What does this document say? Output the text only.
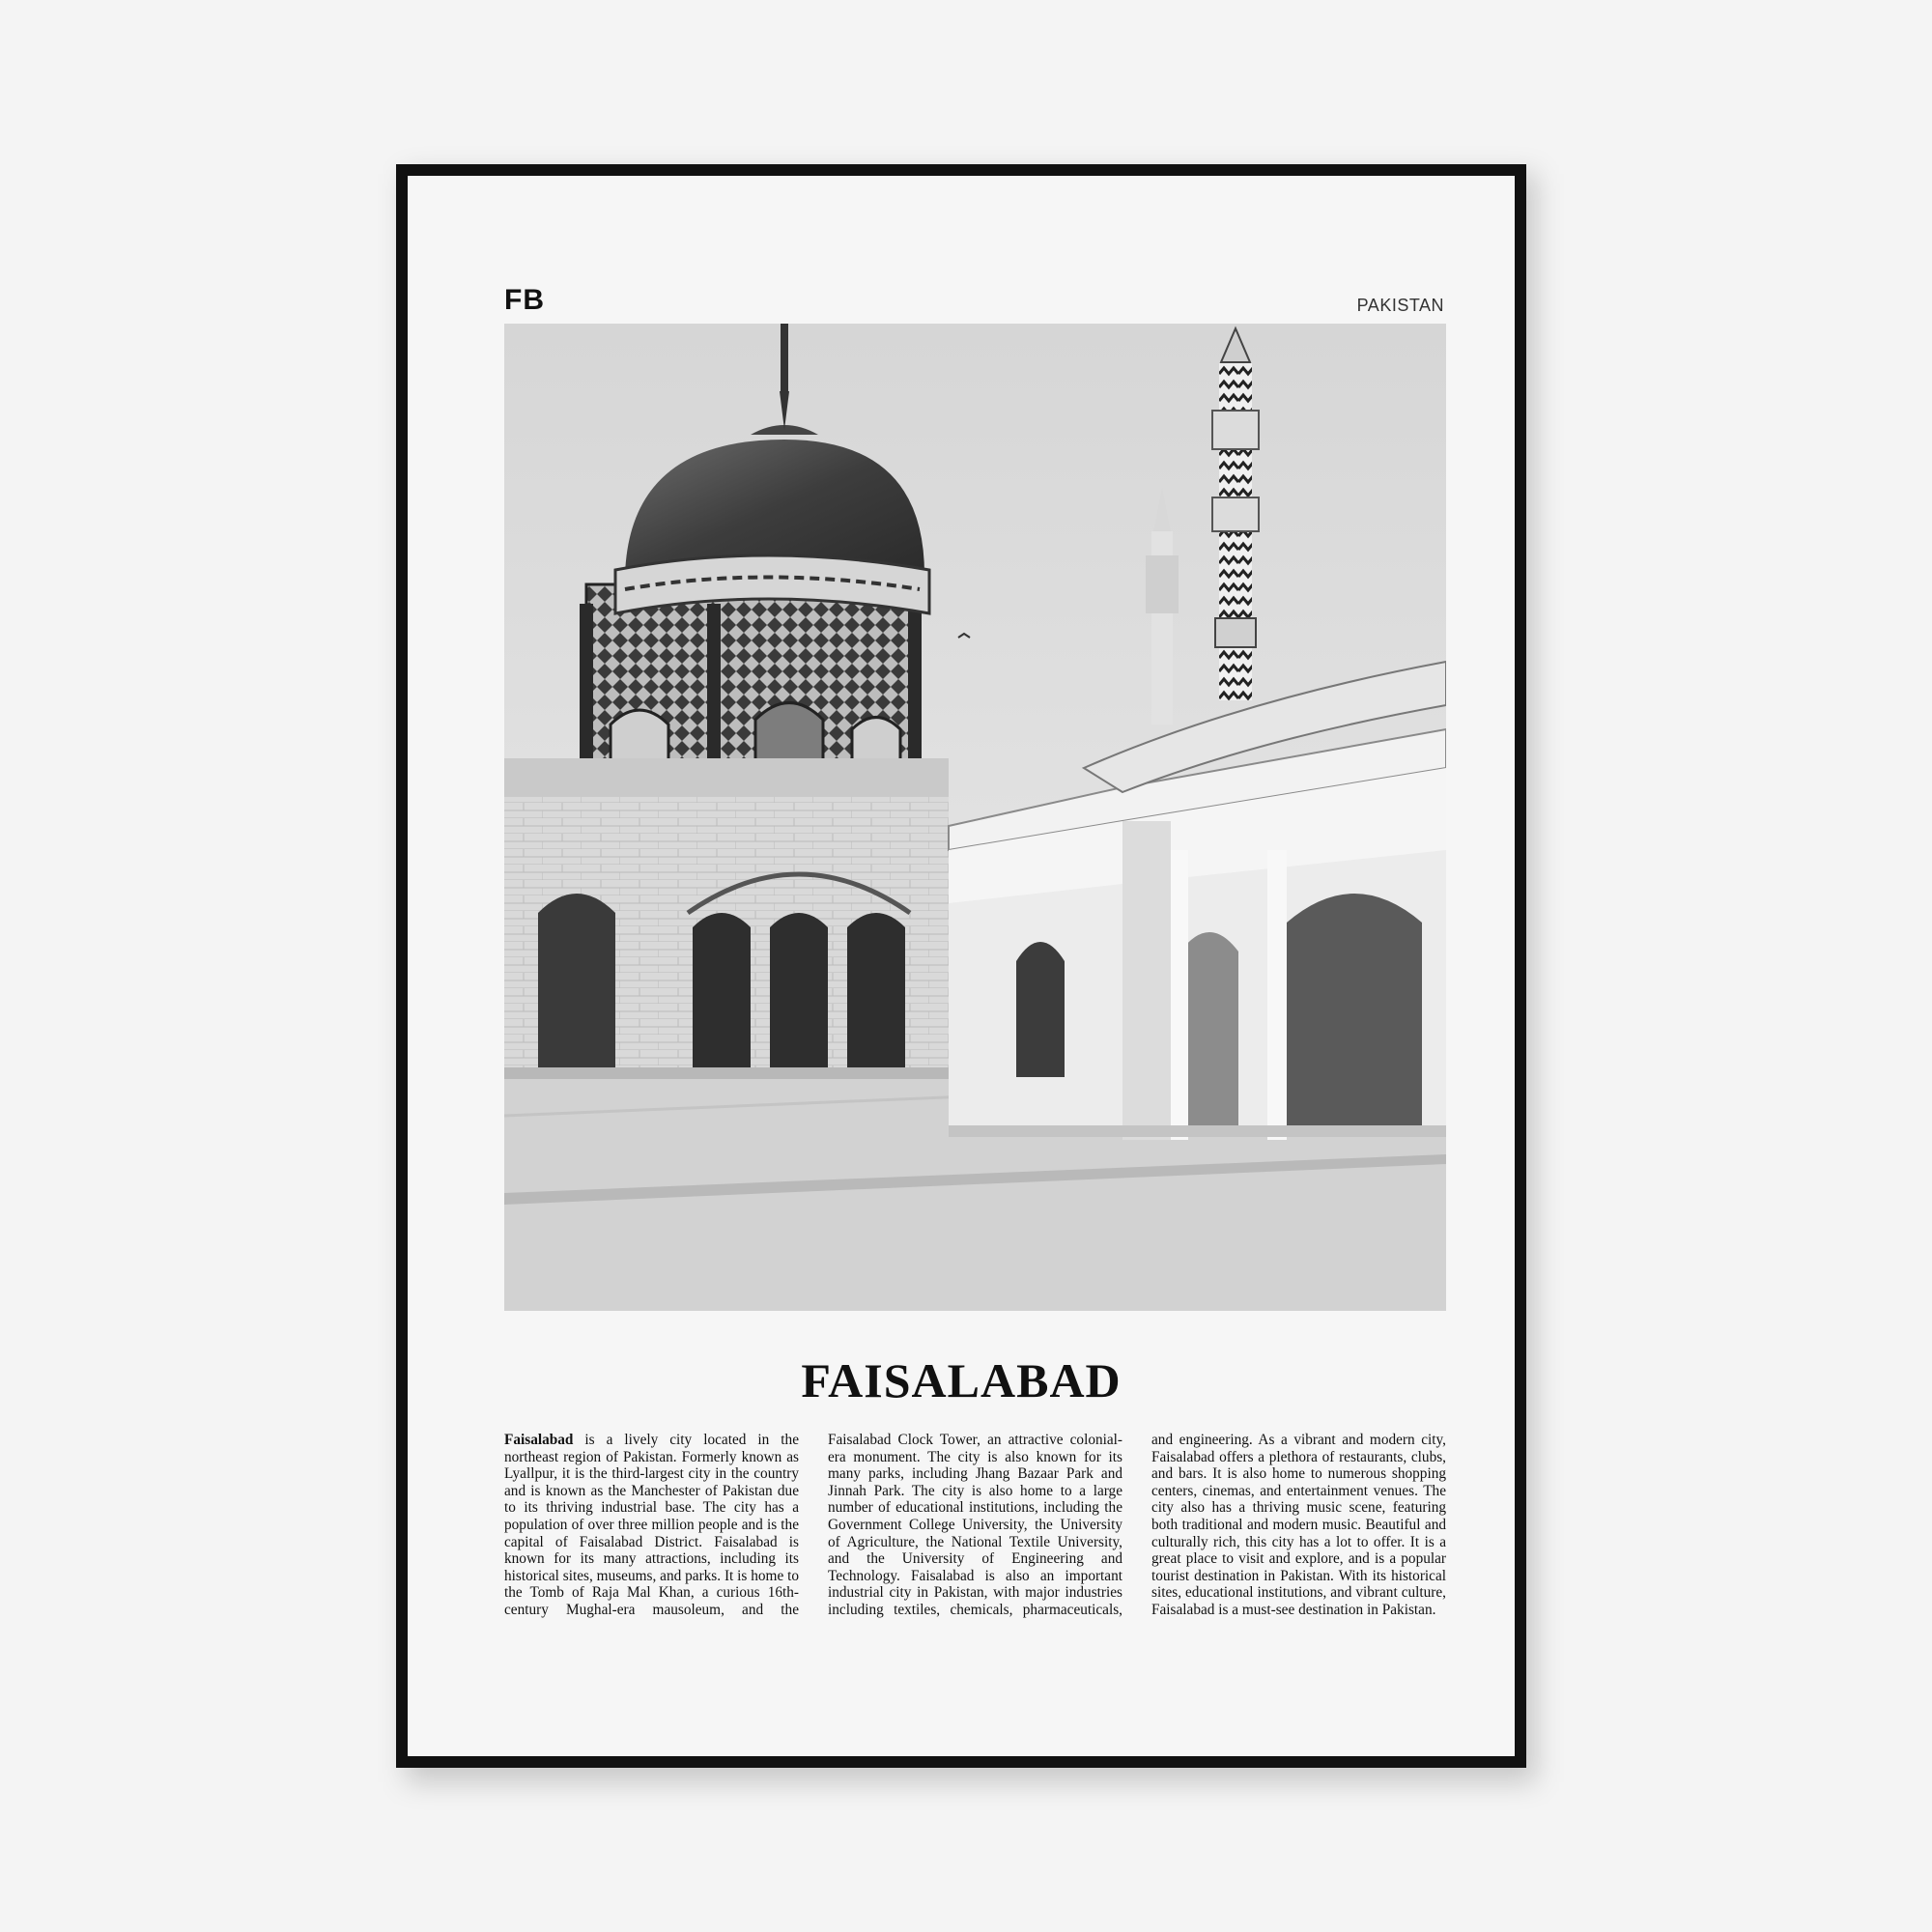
FB	PAKISTAN
FAISALABAD
Faisalabad is a lively city located in the northeast region of Pakistan. Formerly known as Lyallpur, it is the third-largest city in the country and is known as the Manchester of Pakistan due to its thriving industrial base. The city has a population of over three million people and is the capital of Faisalabad District. Faisalabad is known for its many attractions, including its historical sites, museums, and parks. It is home to the Tomb of Raja Mal Khan, a curious 16th-century Mughal-era mausoleum, and the Faisalabad Clock Tower, an attractive colonial-era monument. The city is also known for its many parks, including Jhang Bazaar Park and Jinnah Park. The city is also home to a large number of educational institutions, including the Government College University, the University of Agriculture, the National Textile University, and the University of Engineering and Technology. Faisalabad is also an important industrial city in Pakistan, with major industries including textiles, chemicals, pharmaceuticals, and engineering. As a vibrant and modern city, Faisalabad offers a plethora of restaurants, clubs, and bars. It is also home to numerous shopping centers, cinemas, and entertainment venues. The city also has a thriving music scene, featuring both traditional and modern music. Beautiful and culturally rich, this city has a lot to offer. It is a great place to visit and explore, and is a popular tourist destination in Pakistan. With its historical sites, educational institutions, and vibrant culture, Faisalabad is a must-see destination in Pakistan.
